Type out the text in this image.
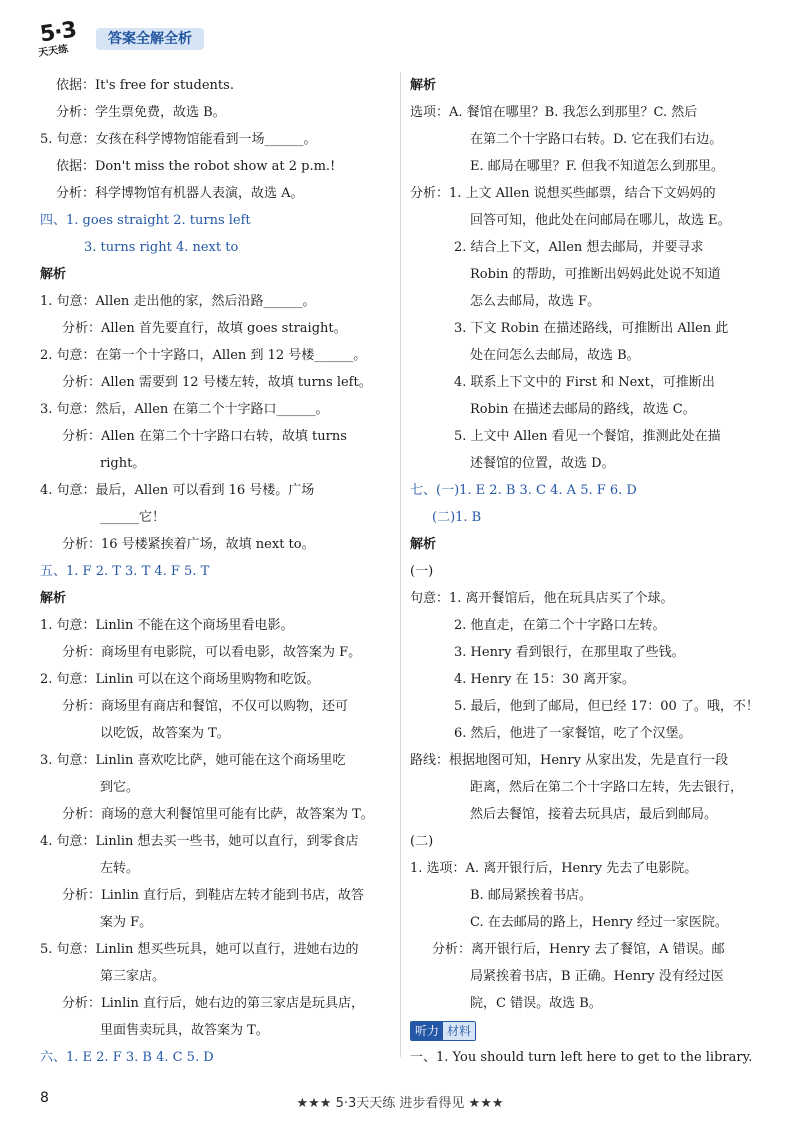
5·3
天天练
答案全解全析
依据：It's free for students.
分析：学生票免费，故选 B。
5. 句意：女孩在科学博物馆能看到一场______。
依据：Don't miss the robot show at 2 p.m.!
分析：科学博物馆有机器人表演，故选 A。
四、1. goes straight 2. turns left
3. turns right 4. next to
解析
1. 句意：Allen 走出他的家，然后沿路______。
分析：Allen 首先要直行，故填 goes straight。
2. 句意：在第一个十字路口，Allen 到 12 号楼______。
分析：Allen 需要到 12 号楼左转，故填 turns left。
3. 句意：然后，Allen 在第二个十字路口______。
分析：Allen 在第二个十字路口右转，故填 turns
right。
4. 句意：最后，Allen 可以看到 16 号楼。广场
______它！
分析：16 号楼紧挨着广场，故填 next to。
五、1. F 2. T 3. T 4. F 5. T
解析
1. 句意：Linlin 不能在这个商场里看电影。
分析：商场里有电影院，可以看电影，故答案为 F。
2. 句意：Linlin 可以在这个商场里购物和吃饭。
分析：商场里有商店和餐馆，不仅可以购物，还可
以吃饭，故答案为 T。
3. 句意：Linlin 喜欢吃比萨，她可能在这个商场里吃
到它。
分析：商场的意大利餐馆里可能有比萨，故答案为 T。
4. 句意：Linlin 想去买一些书，她可以直行，到零食店
左转。
分析：Linlin 直行后，到鞋店左转才能到书店，故答
案为 F。
5. 句意：Linlin 想买些玩具，她可以直行，进她右边的
第三家店。
分析：Linlin 直行后，她右边的第三家店是玩具店，
里面售卖玩具，故答案为 T。
六、1. E 2. F 3. B 4. C 5. D
解析
选项：A. 餐馆在哪里？B. 我怎么到那里？C. 然后
在第二个十字路口右转。D. 它在我们右边。
E. 邮局在哪里？F. 但我不知道怎么到那里。
分析：1. 上文 Allen 说想买些邮票，结合下文妈妈的
回答可知，他此处在问邮局在哪儿，故选 E。
2. 结合上下文，Allen 想去邮局，并要寻求
Robin 的帮助，可推断出妈妈此处说不知道
怎么去邮局，故选 F。
3. 下文 Robin 在描述路线，可推断出 Allen 此
处在问怎么去邮局，故选 B。
4. 联系上下文中的 First 和 Next，可推断出
Robin 在描述去邮局的路线，故选 C。
5. 上文中 Allen 看见一个餐馆，推测此处在描
述餐馆的位置，故选 D。
七、(一)1. E 2. B 3. C 4. A 5. F 6. D
(二)1. B
解析
(一)
句意：1. 离开餐馆后，他在玩具店买了个球。
2. 他直走，在第二个十字路口左转。
3. Henry 看到银行，在那里取了些钱。
4. Henry 在 15：30 离开家。
5. 最后，他到了邮局，但已经 17：00 了。哦，不！
6. 然后，他进了一家餐馆，吃了个汉堡。
路线：根据地图可知，Henry 从家出发，先是直行一段
距离，然后在第二个十字路口左转，先去银行，
然后去餐馆，接着去玩具店，最后到邮局。
(二)
1. 选项：A. 离开银行后，Henry 先去了电影院。
B. 邮局紧挨着书店。
C. 在去邮局的路上，Henry 经过一家医院。
分析：离开银行后，Henry 去了餐馆，A 错误。邮
局紧挨着书店，B 正确。Henry 没有经过医
院，C 错误。故选 B。
听力 材料
一、1. You should turn left here to get to the library.
8	★★★ 5·3天天练 进步看得见 ★★★
